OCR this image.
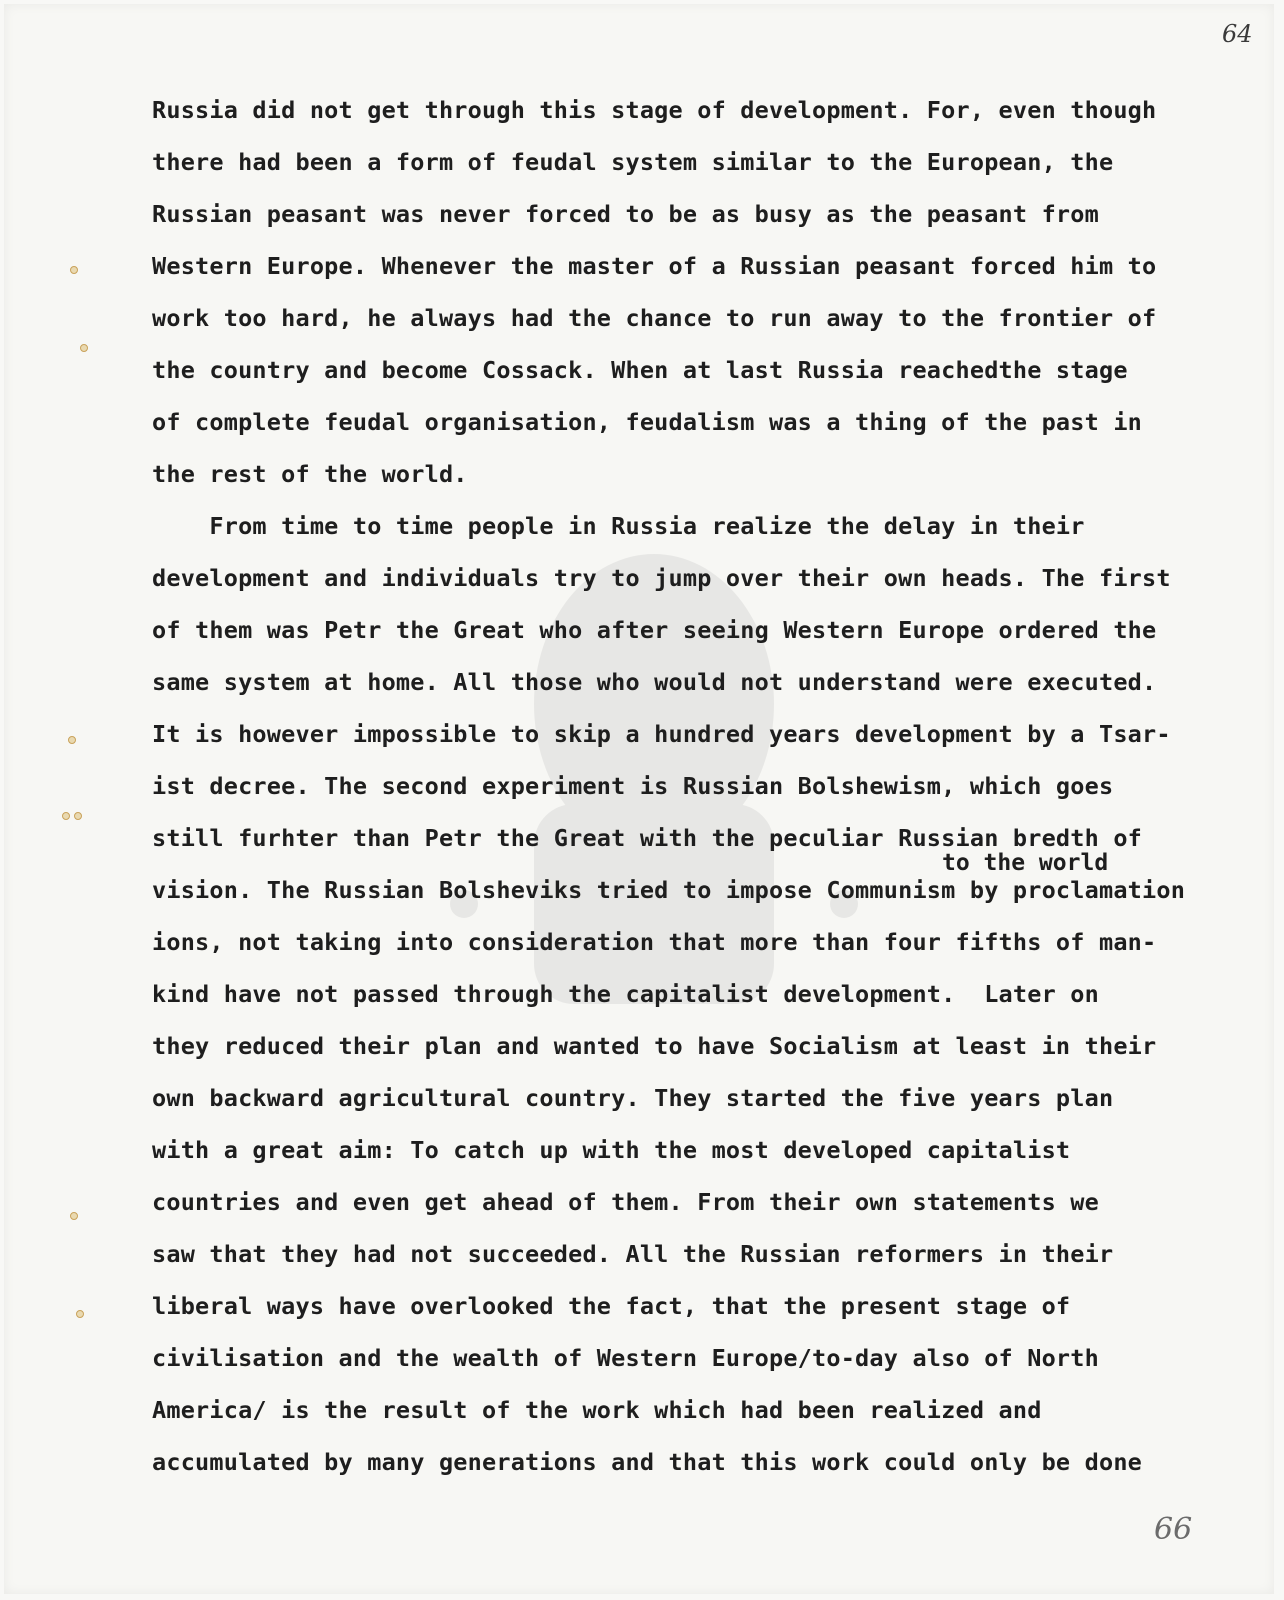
64
Russia did not get through this stage of development. For, even though
there had been a form of feudal system similar to the European, the
Russian peasant was never forced to be as busy as the peasant from
Western Europe. Whenever the master of a Russian peasant forced him to
work too hard, he always had the chance to run away to the frontier of
the country and become Cossack. When at last Russia reachedthe stage
of complete feudal organisation, feudalism was a thing of the past in
the rest of the world.
From time to time people in Russia realize the delay in their
development and individuals try to jump over their own heads. The first
of them was Petr the Great who after seeing Western Europe ordered the
same system at home. All those who would not understand were executed.
It is however impossible to skip a hundred years development by a Tsar-
ist decree. The second experiment is Russian Bolshewism, which goes
still furhter than Petr the Great with the peculiar Russian bredth of
to the world
vision. The Russian Bolsheviks tried to impose Communism by proclamation
ions, not taking into consideration that more than four fifths of man-
kind have not passed through the capitalist development.  Later on
they reduced their plan and wanted to have Socialism at least in their
own backward agricultural country. They started the five years plan
with a great aim: To catch up with the most developed capitalist
countries and even get ahead of them. From their own statements we
saw that they had not succeeded. All the Russian reformers in their
liberal ways have overlooked the fact, that the present stage of
civilisation and the wealth of Western Europe/to-day also of North
America/ is the result of the work which had been realized and
accumulated by many generations and that this work could only be done
66
